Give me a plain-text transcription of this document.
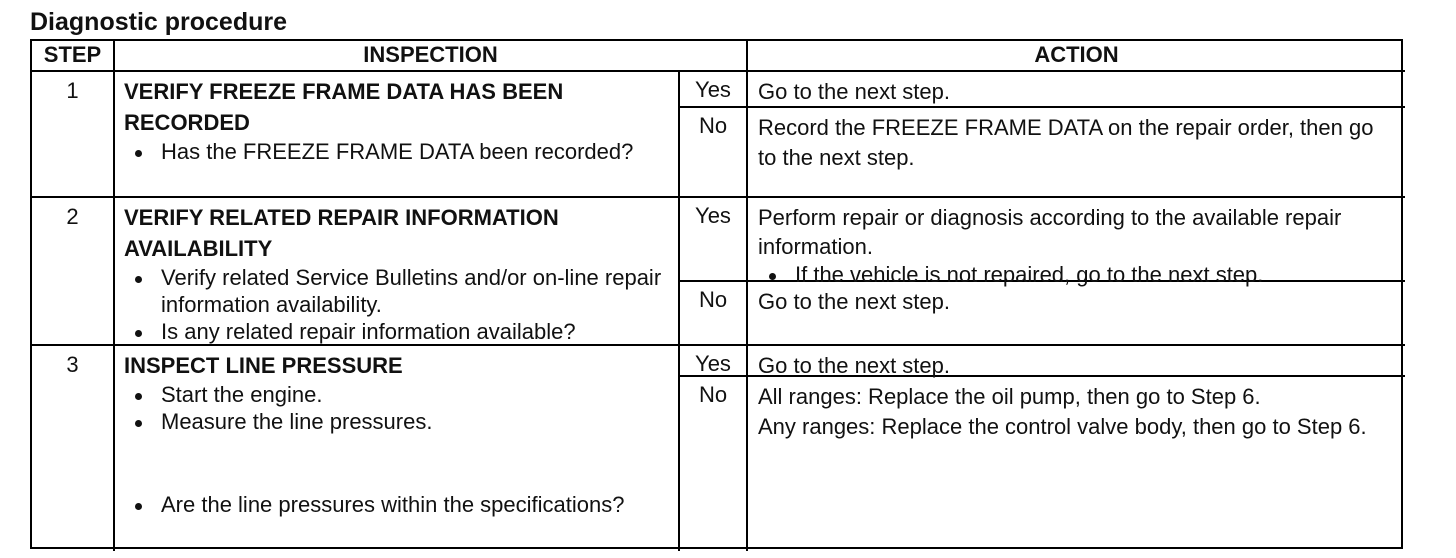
Diagnostic procedure
STEP	INSPECTION	ACTION
1	VERIFY FREEZE FRAME DATA HAS BEEN
RECORDED
Has the FREEZE FRAME DATA been recorded?
Yes	Go to the next step.
No	Record the FREEZE FRAME DATA on the repair order, then go to the next step.
2	VERIFY RELATED REPAIR INFORMATION
AVAILABILITY
Verify related Service Bulletins and/or on-line repair information availability.
Is any related repair information available?
Yes	Perform repair or diagnosis according to the available repair information.
If the vehicle is not repaired, go to the next step.
No	Go to the next step.
3	INSPECT LINE PRESSURE
Start the engine.
Measure the line pressures.
Are the line pressures within the specifications?
Yes	Go to the next step.
No	All ranges: Replace the oil pump, then go to Step 6.
Any ranges: Replace the control valve body, then go to Step 6.
